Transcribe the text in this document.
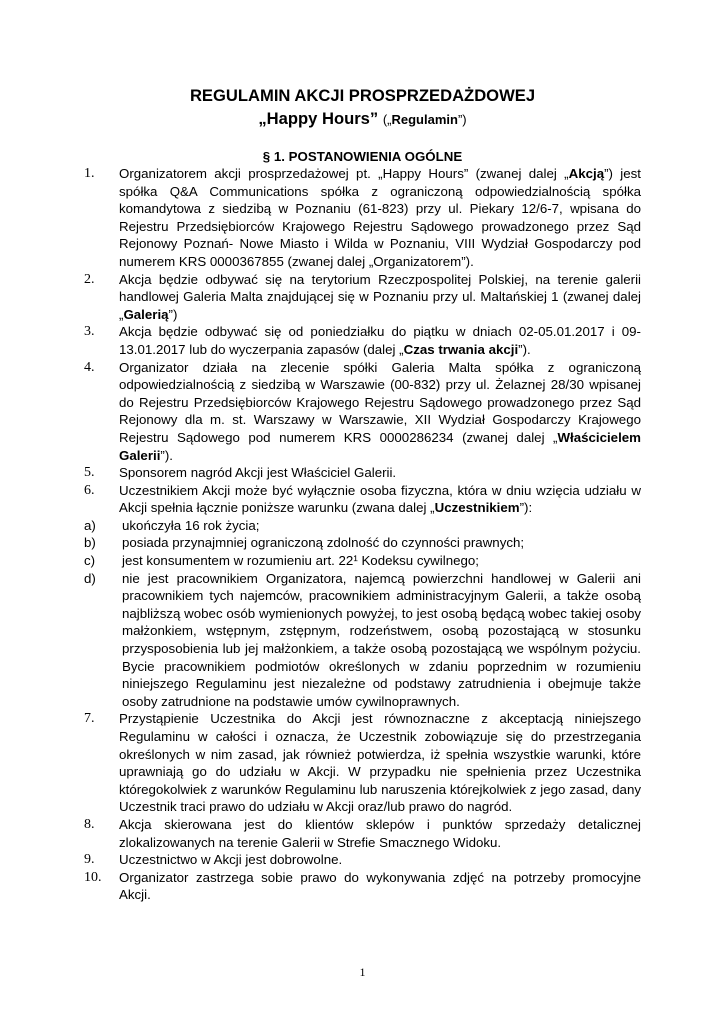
REGULAMIN AKCJI PROSPRZEDAŻDOWEJ
„Happy Hours” („Regulamin”)
§ 1. POSTANOWIENIA OGÓLNE
1. Organizatorem akcji prosprzedażowej pt. „Happy Hours” (zwanej dalej „Akcją”) jest spółka Q&A Communications spółka z ograniczoną odpowiedzialnością spółka komandytowa z siedzibą w Poznaniu (61-823) przy ul. Piekary 12/6-7, wpisana do Rejestru Przedsiębiorców Krajowego Rejestru Sądowego prowadzonego przez Sąd Rejonowy Poznań- Nowe Miasto i Wilda w Poznaniu, VIII Wydział Gospodarczy pod numerem KRS 0000367855 (zwanej dalej „Organizatorem”).
2. Akcja będzie odbywać się na terytorium Rzeczpospolitej Polskiej, na terenie galerii handlowej Galeria Malta znajdującej się w Poznaniu przy ul. Maltańskiej 1 (zwanej dalej „Galerią”)
3. Akcja będzie odbywać się od poniedziałku do piątku w dniach 02-05.01.2017 i 09-13.01.2017 lub do wyczerpania zapasów (dalej „Czas trwania akcji”).
4. Organizator działa na zlecenie spółki Galeria Malta spółka z ograniczoną odpowiedzialnością z siedzibą w Warszawie (00-832) przy ul. Żelaznej 28/30 wpisanej do Rejestru Przedsiębiorców Krajowego Rejestru Sądowego prowadzonego przez Sąd Rejonowy dla m. st. Warszawy w Warszawie, XII Wydział Gospodarczy Krajowego Rejestru Sądowego pod numerem KRS 0000286234 (zwanej dalej „Właścicielem Galerii”).
5. Sponsorem nagród Akcji jest Właściciel Galerii.
6. Uczestnikiem Akcji może być wyłącznie osoba fizyczna, która w dniu wzięcia udziału w Akcji spełnia łącznie poniższe warunku (zwana dalej „Uczestnikiem”):
a) ukończyła 16 rok życia;
b) posiada przynajmniej ograniczoną zdolność do czynności prawnych;
c) jest konsumentem w rozumieniu art. 22¹ Kodeksu cywilnego;
d) nie jest pracownikiem Organizatora, najemcą powierzchni handlowej w Galerii ani pracownikiem tych najemców, pracownikiem administracyjnym Galerii, a także osobą najbliższą wobec osób wymienionych powyżej, to jest osobą będącą wobec takiej osoby małżonkiem, wstępnym, zstępnym, rodzeństwem, osobą pozostającą w stosunku przysposobienia lub jej małżonkiem, a także osobą pozostającą we wspólnym pożyciu. Bycie pracownikiem podmiotów określonych w zdaniu poprzednim w rozumieniu niniejszego Regulaminu jest niezależne od podstawy zatrudnienia i obejmuje także osoby zatrudnione na podstawie umów cywilnoprawnych.
7. Przystąpienie Uczestnika do Akcji jest równoznaczne z akceptacją niniejszego Regulaminu w całości i oznacza, że Uczestnik zobowiązuje się do przestrzegania określonych w nim zasad, jak również potwierdza, iż spełnia wszystkie warunki, które uprawniają go do udziału w Akcji. W przypadku nie spełnienia przez Uczestnika któregokolwiek z warunków Regulaminu lub naruszenia którejkolwiek z jego zasad, dany Uczestnik traci prawo do udziału w Akcji oraz/lub prawo do nagród.
8. Akcja skierowana jest do klientów sklepów i punktów sprzedaży detalicznej zlokalizowanych na terenie Galerii w Strefie Smacznego Widoku.
9. Uczestnictwo w Akcji jest dobrowolne.
10. Organizator zastrzega sobie prawo do wykonywania zdjęć na potrzeby promocyjne Akcji.
1
